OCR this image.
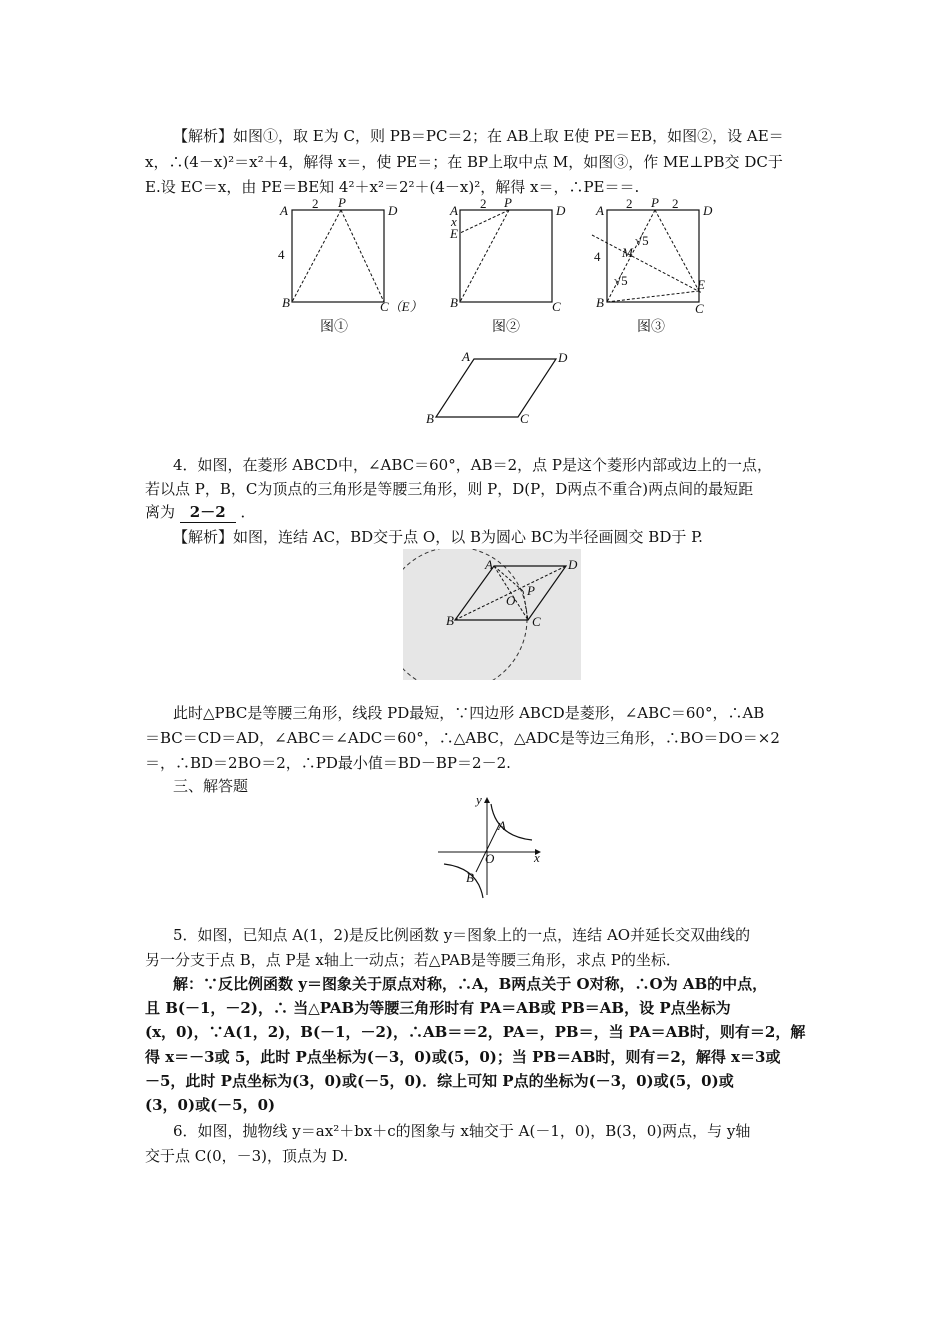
【解析】如图①，取 E为 C，则 PB＝PC＝2；在 AB上取 E使 PE＝EB，如图②，设 AE＝
x，∴(4－x)²＝x²＋4，解得 x＝，使 PE＝；在 BP上取中点 M，如图③，作 ME⊥PB交 DC于
E.设 EC＝x，由 PE＝BE知 4²＋x²＝2²＋(4－x)²，解得 x＝，∴PE＝＝.
A
P
D
B	C（E）
2
4
A
P
D
B	C
E
x
2	A
P
D
B	C
E
M
2	2
4
√5
√5
图①	图②	图③
A	D
B	C
4．如图，在菱形 ABCD中，∠ABC＝60°，AB＝2，点 P是这个菱形内部或边上的一点，
若以点 P，B，C为顶点的三角形是等腰三角形，则 P，D(P，D两点不重合)两点间的最短距
离为 2－2 ．
【解析】如图，连结 AC，BD交于点 O，以 B为圆心 BC为半径画圆交 BD于 P.
A	D
B	C
O
P
此时△PBC是等腰三角形，线段 PD最短，∵四边形 ABCD是菱形，∠ABC＝60°，∴AB
＝BC＝CD＝AD，∠ABC＝∠ADC＝60°，∴△ABC，△ADC是等边三角形，∴BO＝DO＝×2
＝，∴BD＝2BO＝2，∴PD最小值＝BD－BP＝2－2.
三、解答题
x
y
O
A
B
5．如图，已知点 A(1，2)是反比例函数 y＝图象上的一点，连结 AO并延长交双曲线的
另一分支于点 B，点 P是 x轴上一动点；若△PAB是等腰三角形，求点 P的坐标．
解：∵反比例函数 y＝图象关于原点对称，∴A，B两点关于 O对称，∴O为 AB的中点，
且 B(－1，－2)，∴ 当△PAB为等腰三角形时有 PA＝AB或 PB＝AB，设 P点坐标为
(x，0)，∵A(1，2)，B(－1，－2)，∴AB＝＝2，PA＝，PB＝，当 PA＝AB时，则有＝2，解
得 x＝－3或 5，此时 P点坐标为(－3，0)或(5，0)；当 PB＝AB时，则有＝2，解得 x＝3或
－5，此时 P点坐标为(3，0)或(－5，0)．综上可知 P点的坐标为(－3，0)或(5，0)或
(3，0)或(－5，0)
6．如图，抛物线 y＝ax²＋bx＋c的图象与 x轴交于 A(－1，0)，B(3，0)两点，与 y轴
交于点 C(0，－3)，顶点为 D.
